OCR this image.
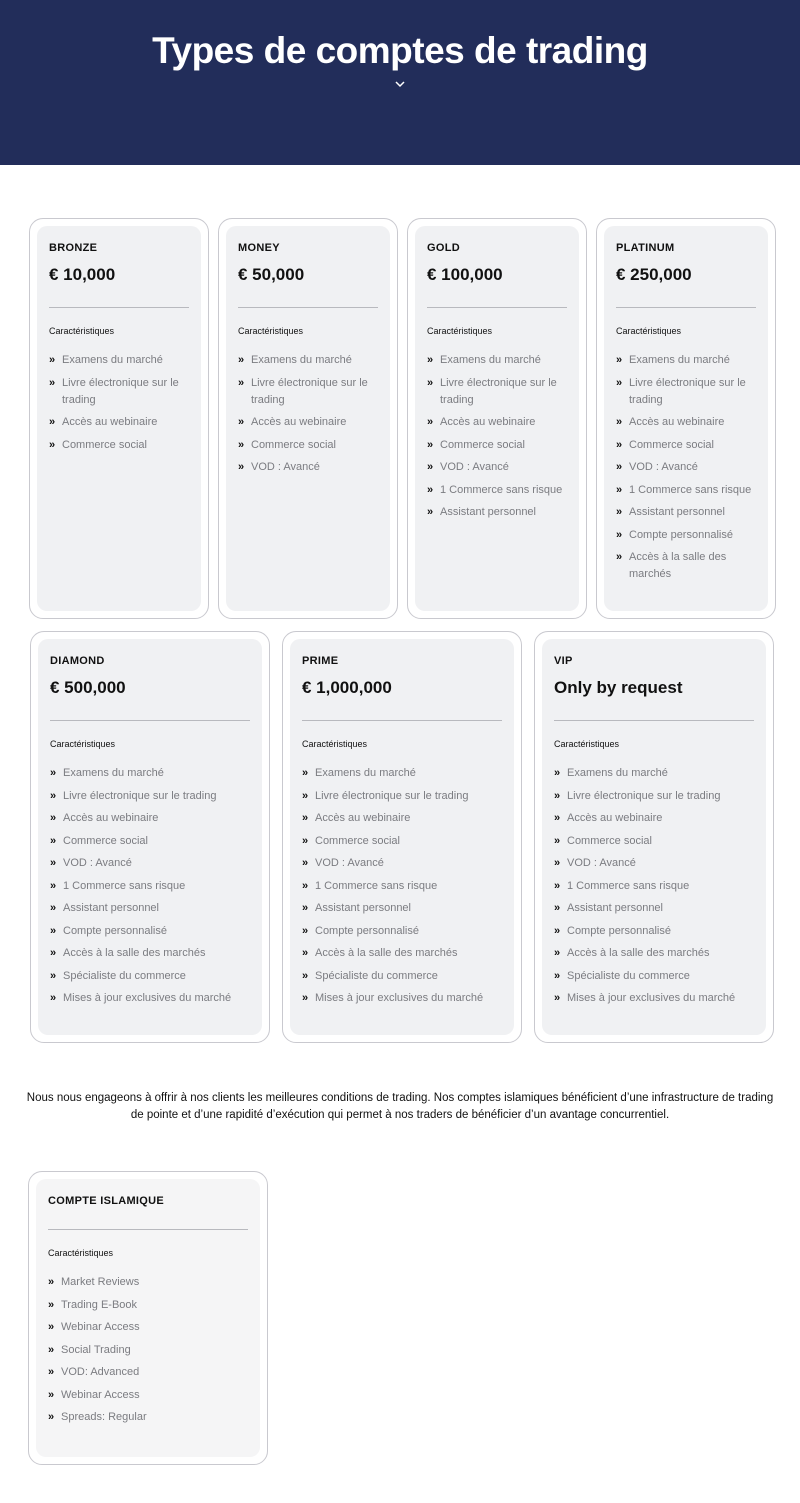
Types de comptes de trading
BRONZE
€ 10,000
Caractéristiques
» Examens du marché
» Livre électronique sur le trading
» Accès au webinaire
» Commerce social
MONEY
€ 50,000
Caractéristiques
» Examens du marché
» Livre électronique sur le trading
» Accès au webinaire
» Commerce social
» VOD : Avancé
GOLD
€ 100,000
Caractéristiques
» Examens du marché
» Livre électronique sur le trading
» Accès au webinaire
» Commerce social
» VOD : Avancé
» 1 Commerce sans risque
» Assistant personnel
PLATINUM
€ 250,000
Caractéristiques
» Examens du marché
» Livre électronique sur le trading
» Accès au webinaire
» Commerce social
» VOD : Avancé
» 1 Commerce sans risque
» Assistant personnel
» Compte personnalisé
» Accès à la salle des marchés
DIAMOND
€ 500,000
Caractéristiques
» Examens du marché
» Livre électronique sur le trading
» Accès au webinaire
» Commerce social
» VOD : Avancé
» 1 Commerce sans risque
» Assistant personnel
» Compte personnalisé
» Accès à la salle des marchés
» Spécialiste du commerce
» Mises à jour exclusives du marché
PRIME
€ 1,000,000
Caractéristiques
» Examens du marché
» Livre électronique sur le trading
» Accès au webinaire
» Commerce social
» VOD : Avancé
» 1 Commerce sans risque
» Assistant personnel
» Compte personnalisé
» Accès à la salle des marchés
» Spécialiste du commerce
» Mises à jour exclusives du marché
VIP
Only by request
Caractéristiques
» Examens du marché
» Livre électronique sur le trading
» Accès au webinaire
» Commerce social
» VOD : Avancé
» 1 Commerce sans risque
» Assistant personnel
» Compte personnalisé
» Accès à la salle des marchés
» Spécialiste du commerce
» Mises à jour exclusives du marché

Nous nous engageons à offrir à nos clients les meilleures conditions de trading. Nos comptes islamiques bénéficient d’une infrastructure de trading de pointe et d’une rapidité d’exécution qui permet à nos traders de bénéficier d’un avantage concurrentiel.

COMPTE ISLAMIQUE
Caractéristiques
» Market Reviews
» Trading E-Book
» Webinar Access
» Social Trading
» VOD: Advanced
» Webinar Access
» Spreads: Regular
